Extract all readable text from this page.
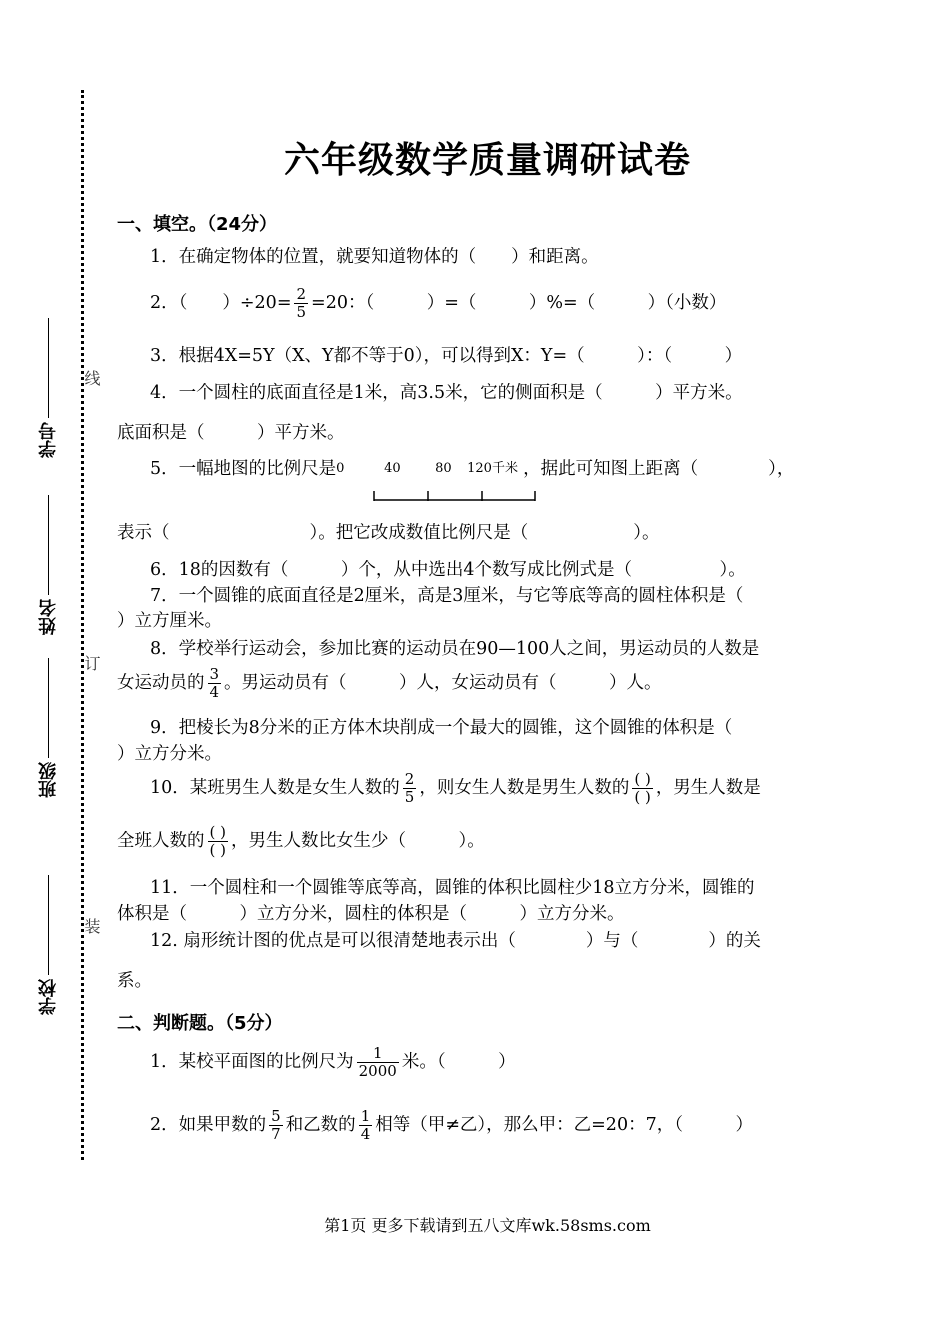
线
订
装
学号
姓名
班级
学校
六年级数学质量调研试卷
一、填空。（24分）
1．在确定物体的位置，就要知道物体的（　　）和距离。
2．（　　）$\div 20= \frac{2}{5} =20$：（　　　）=（　　　）%=（　　　）（小数）
3．根据4X=5Y（X、Y都不等于0），可以得到X：Y=（　　　）：（　　　）
4．一个圆柱的底面直径是1米，高3.5米，它的侧面积是（　　　）平方米。
底面积是（　　　）平方米。
5．一幅地图的比例尺是 0	40	80 120千米 ，据此可知图上距离（　　　　），
表示（　　　　　　　　）。把它改成数值比例尺是（　　　　　　）。
6．18的因数有（　　　）个，从中选出4个数写成比例式是（　　　　　）。
7．一个圆锥的底面直径是2厘米，高是3厘米，与它等底等高的圆柱体积是（
）立方厘米。
8．学校举行运动会，参加比赛的运动员在90—100人之间，男运动员的人数是
女运动员的 $\frac{3}{4}$ 。男运动员有（　　　）人，女运动员有（　　　）人。
9．把棱长为8分米的正方体木块削成一个最大的圆锥，这个圆锥的体积是（
）立方分米。
10．某班男生人数是女生人数的 $\frac{2}{5}$ ，则女生人数是男生人数的 $\frac{( )}{( )}$ ，男生人数是
全班人数的 $\frac{( )}{( )}$ ，男生人数比女生少（　　　）。
11．一个圆柱和一个圆锥等底等高，圆锥的体积比圆柱少18立方分米，圆锥的
体积是（　　　）立方分米，圆柱的体积是（　　　）立方分米。
12. 扇形统计图的优点是可以很清楚地表示出（　　　　）与（　　　　）的关
系。
二、判断题。（5分）
1．某校平面图的比例尺为 $\frac{1}{2000}$ 米。（　　　）
2．如果甲数的 $\frac{5}{7}$ 和乙数的 $\frac{1}{4}$ 相等（甲≠乙），那么甲：乙=20：7，（　　　）
第1页 更多下载请到五八文库wk.58sms.com
